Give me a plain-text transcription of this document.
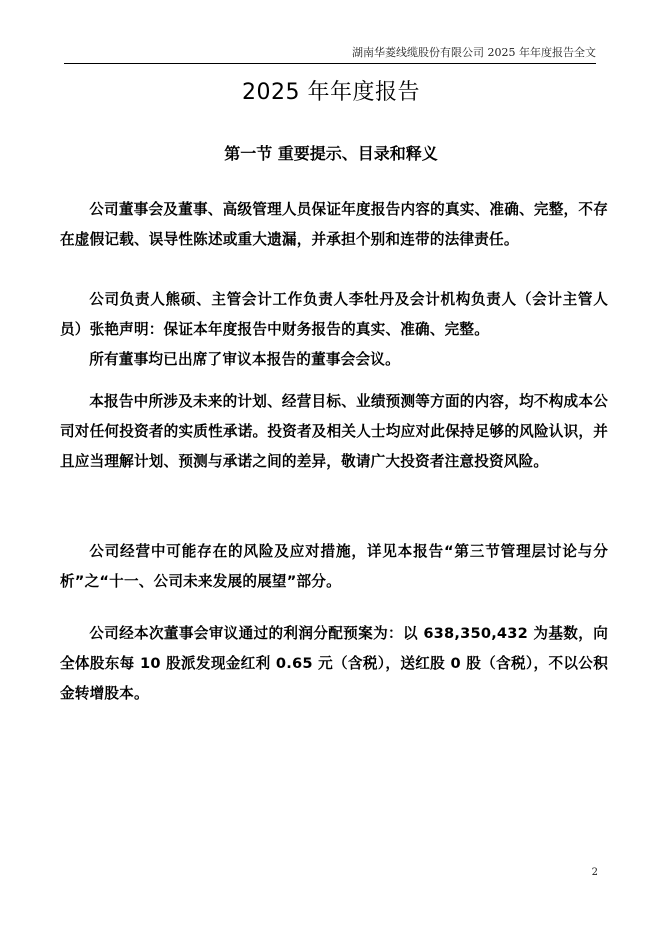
湖南华菱线缆股份有限公司 2025 年年度报告全文
2025 年年度报告
第一节 重要提示、目录和释义

公司董事会及董事、高级管理人员保证年度报告内容的真实、准确、完整，不存在虚假记载、误导性陈述或重大遗漏，并承担个别和连带的法律责任。

公司负责人熊硕、主管会计工作负责人李牡丹及会计机构负责人（会计主管人员）张艳声明：保证本年度报告中财务报告的真实、准确、完整。

所有董事均已出席了审议本报告的董事会会议。

本报告中所涉及未来的计划、经营目标、业绩预测等方面的内容，均不构成本公司对任何投资者的实质性承诺。投资者及相关人士均应对此保持足够的风险认识，并且应当理解计划、预测与承诺之间的差异，敬请广大投资者注意投资风险。

公司经营中可能存在的风险及应对措施，详见本报告“第三节管理层讨论与分析”之“十一、公司未来发展的展望”部分。

公司经本次董事会审议通过的利润分配预案为：以 638,350,432 为基数，向全体股东每 10 股派发现金红利 0.65 元（含税），送红股 0 股（含税），不以公积金转增股本。

2
